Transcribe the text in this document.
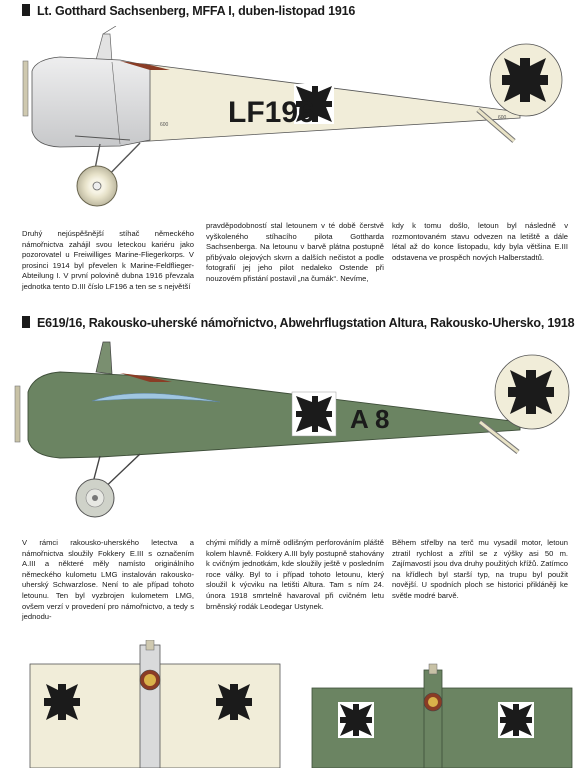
Lt. Gotthard Sachsenberg, MFFA I, duben-listopad 1916
LF196
600
600
Druhý nejúspěšnější stíhač německého námořnictva zahájil svou leteckou kariéru jako pozorovatel u Freiwilliges Marine-Fliegerkorps. V prosinci 1914 byl převelen k Marine-Feldflieger-Abteilung I. V první polovině dubna 1916 převzala jednotka tento D.III číslo LF196 a ten se s největší
pravděpodobností stal letounem v té době čerstvě vyškoleného stíhacího pilota Gottharda Sachsenberga. Na letounu v barvě plátna postupně přibývalo olejových skvrn a dalších nečistot a podle fotografií jej jeho pilot nedaleko Ostende při nouzovém přistání postavil „na čumák“. Nevíme,
kdy k tomu došlo, letoun byl následně v rozmontovaném stavu odvezen na letiště a dále létal až do konce listopadu, kdy byla většina E.III odstavena ve prospěch nových Halberstadtů.
E619/16, Rakousko-uherské námořnictvo, Abwehrflugstation Altura, Rakousko-Uhersko, 1918
A 8
V rámci rakousko-uherského letectva a námořnictva sloužily Fokkery E.III s označením A.III a některé měly namísto originálního německého kulometu LMG instalován rakousko-uherský Schwarzlose. Není to ale případ tohoto letounu. Ten byl vyzbrojen kulometem LMG, ovšem verzí v provedení pro námořnictvo, a tedy s jednodu-
chými mířidly a mírně odlišným perforováním pláště kolem hlavně. Fokkery A.III byly postupně stahovány k cvičným jednotkám, kde sloužily ještě v posledním roce války. Byl to i případ tohoto letounu, který sloužil k výcviku na letišti Altura. Tam s ním 24. února 1918 smrtelně havaroval při cvičném letu brněnský rodák Leodegar Ustynek.
Během střelby na terč mu vysadil motor, letoun ztratil rychlost a zřítil se z výšky asi 50 m. Zajímavostí jsou dva druhy použitých křížů. Zatímco na křídlech byl starší typ, na trupu byl použit novější. U spodních ploch se historici přikláněji ke světle modré barvě.
